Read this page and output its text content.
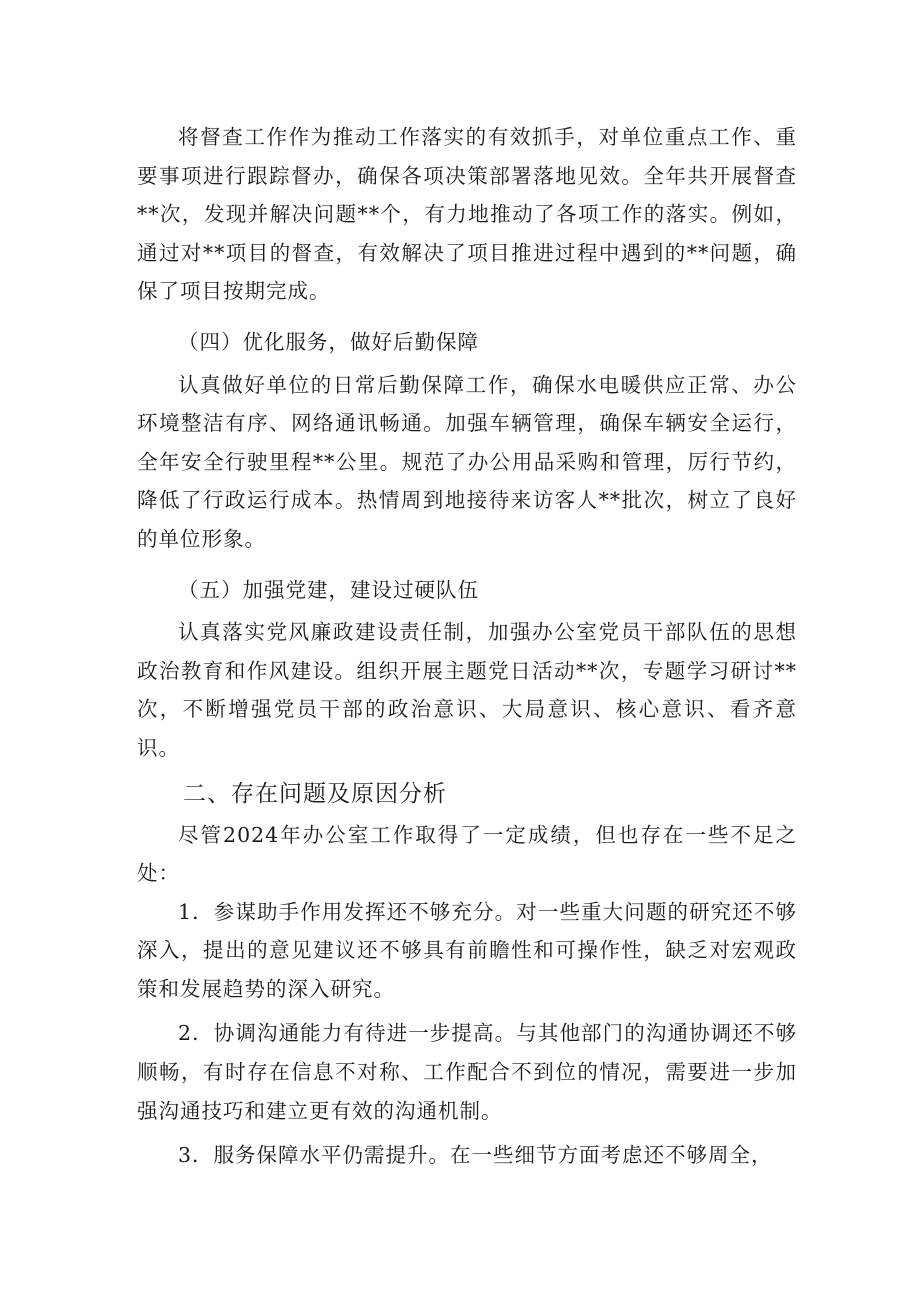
将督查工作作为推动工作落实的有效抓手，对单位重点工作、重要事项进行跟踪督办，确保各项决策部署落地见效。全年共开展督查**次，发现并解决问题**个，有力地推动了各项工作的落实。例如，通过对**项目的督查，有效解决了项目推进过程中遇到的**问题，确保了项目按期完成。

（四）优化服务，做好后勤保障

认真做好单位的日常后勤保障工作，确保水电暖供应正常、办公环境整洁有序、网络通讯畅通。加强车辆管理，确保车辆安全运行，全年安全行驶里程**公里。规范了办公用品采购和管理，厉行节约，降低了行政运行成本。热情周到地接待来访客人**批次，树立了良好的单位形象。

（五）加强党建，建设过硬队伍

认真落实党风廉政建设责任制，加强办公室党员干部队伍的思想政治教育和作风建设。组织开展主题党日活动**次，专题学习研讨**次，不断增强党员干部的政治意识、大局意识、核心意识、看齐意识。

二、存在问题及原因分析

尽管2024年办公室工作取得了一定成绩，但也存在一些不足之处：

1．参谋助手作用发挥还不够充分。对一些重大问题的研究还不够深入，提出的意见建议还不够具有前瞻性和可操作性，缺乏对宏观政策和发展趋势的深入研究。

2．协调沟通能力有待进一步提高。与其他部门的沟通协调还不够顺畅，有时存在信息不对称、工作配合不到位的情况，需要进一步加强沟通技巧和建立更有效的沟通机制。

3．服务保障水平仍需提升。在一些细节方面考虑还不够周全，
